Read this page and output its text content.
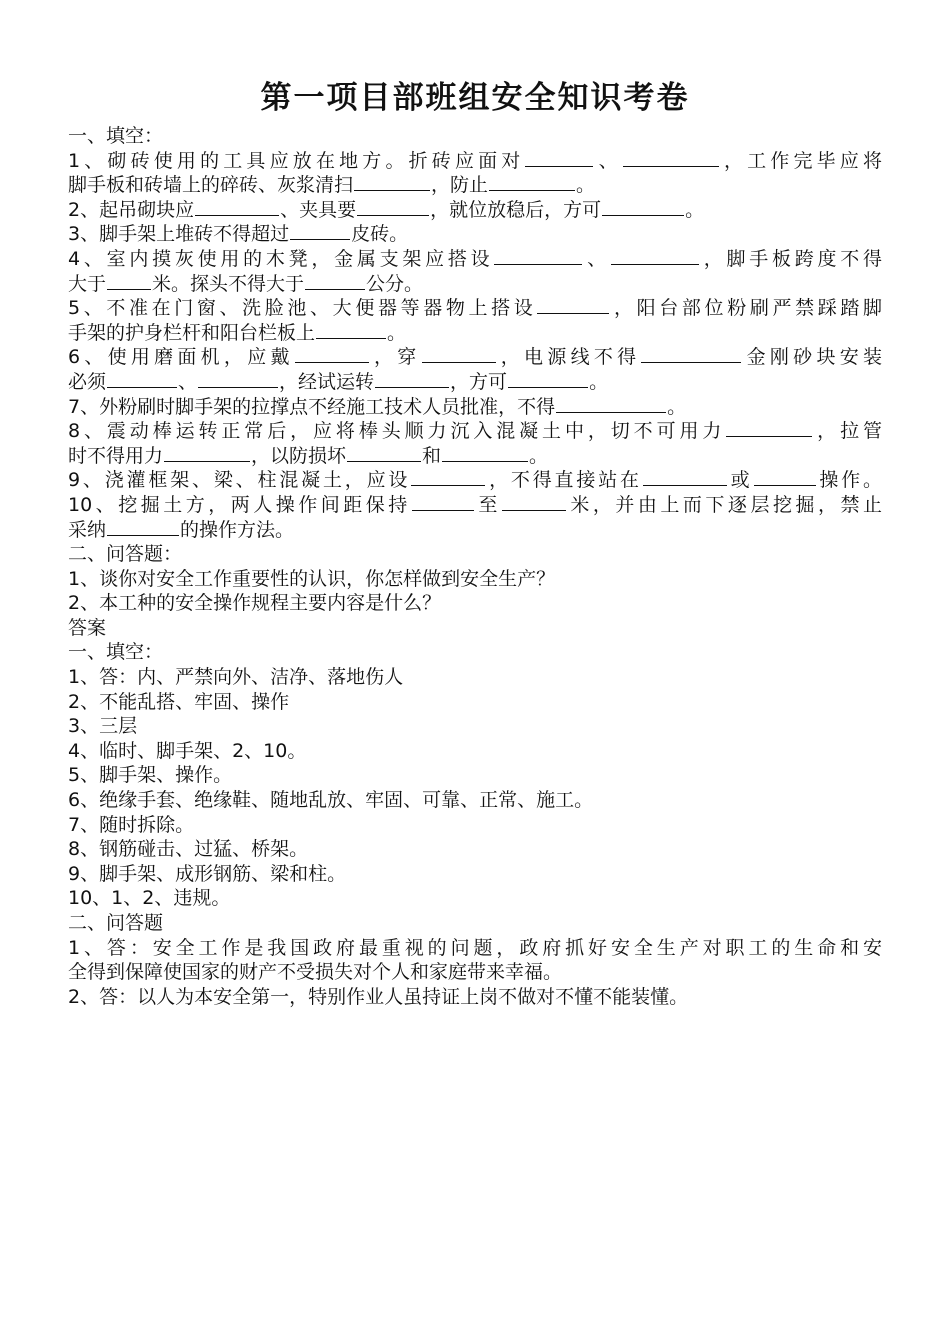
第一项目部班组安全知识考卷
一、填空：
1、砌砖使用的工具应放在地方。折砖应面对	、	，工作完毕应将
脚手板和砖墙上的碎砖、灰浆清扫	，防止	。
2、起吊砌块应	、夹具要	，就位放稳后，方可	。
3、脚手架上堆砖不得超过	皮砖。
4、室内摸灰使用的木凳，金属支架应搭设	、	，脚手板跨度不得
大于 米。探头不得大于	公分。
5、不准在门窗、洗脸池、大便器等器物上搭设	，阳台部位粉刷严禁踩踏脚
手架的护身栏杆和阳台栏板上	。
6、使用磨面机，应戴	，穿	，电源线不得	金刚砂块安装
必须	、	，经试运转	，方可	。
7、外粉刷时脚手架的拉撑点不经施工技术人员批准，不得	。
8、震动棒运转正常后，应将棒头顺力沉入混凝土中，切不可用力	，拉管
时不得用力	，以防损坏	和	。
9、浇灌框架、梁、柱混凝土，应设	，不得直接站在	或	操作。
10、挖掘土方，两人操作间距保持	至	米，并由上而下逐层挖掘，禁止
采纳	的操作方法。
二、问答题：
1、谈你对安全工作重要性的认识，你怎样做到安全生产？
2、本工种的安全操作规程主要内容是什么？
答案
一、填空：
1、答：内、严禁向外、洁净、落地伤人
2、不能乱搭、牢固、操作
3、三层
4、临时、脚手架、2、10。
5、脚手架、操作。
6、绝缘手套、绝缘鞋、随地乱放、牢固、可靠、正常、施工。
7、随时拆除。
8、钢筋碰击、过猛、桥架。
9、脚手架、成形钢筋、梁和柱。
10、1、2、违规。
二、问答题
1、答：安全工作是我国政府最重视的问题，政府抓好安全生产对职工的生命和安
全得到保障使国家的财产不受损失对个人和家庭带来幸福。
2、答：以人为本安全第一，特别作业人虽持证上岗不做对不懂不能装懂。
